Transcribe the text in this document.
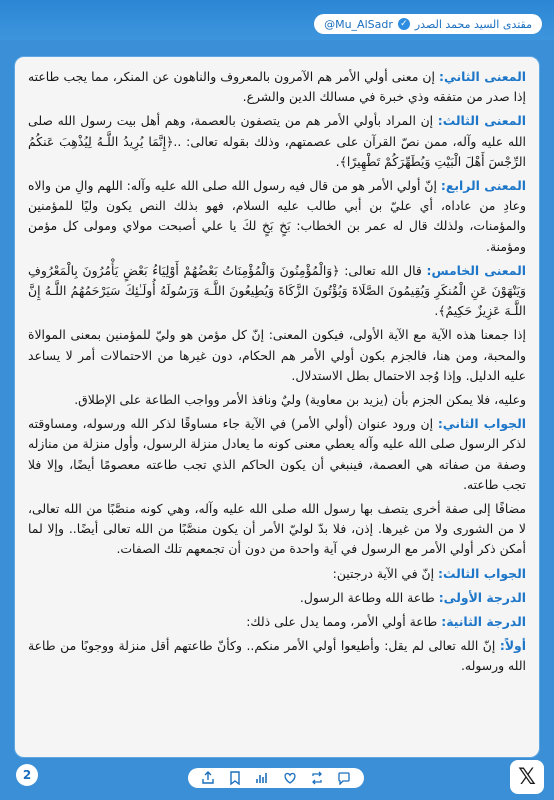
مقتدى السيد محمد الصدر
✓
@Mu_AlSadr

المعنى الثاني: إن معنى أولي الأمر هم الآمرون بالمعروف والناهون عن المنكر، مما يجب طاعته إذا صدر من متفقه وذي خبرة في مسالك الدين والشرع.

المعنى الثالث: إن المراد بأولي الأمر هم من يتصفون بالعصمة، وهم أهل بيت رسول الله صلى الله عليه وآله، ممن نصّ القرآن على عصمتهم، وذلك بقوله تعالى: ..﴿إِنَّمَا يُرِيدُ اللَّـهُ لِيُذْهِبَ عَنكُمُ الرِّجْسَ أَهْلَ الْبَيْتِ وَيُطَهِّرَكُمْ تَطْهِيرًا﴾.

المعنى الرابع: إنّ أولي الأمر هو من قال فيه رسول الله صلى الله عليه وآله: اللهم والِ من والاه وعادِ من عاداه، أي عليّ بن أبي طالب عليه السلام، فهو بذلك النص يكون وليًا للمؤمنين والمؤمنات، ولذلك قال له عمر بن الخطاب: بَخٍ بَخٍ لكَ يا علي أصبحت مولاي ومولى كل مؤمن ومؤمنة.

المعنى الخامس: قال الله تعالى: ﴿وَالْمُؤْمِنُونَ وَالْمُؤْمِنَاتُ بَعْضُهُمْ أَوْلِيَاءُ بَعْضٍ يَأْمُرُونَ بِالْمَعْرُوفِ وَيَنْهَوْنَ عَنِ الْمُنكَرِ وَيُقِيمُونَ الصَّلَاةَ وَيُؤْتُونَ الزَّكَاةَ وَيُطِيعُونَ اللَّـهَ وَرَسُولَهُ أُولَـٰئِكَ سَيَرْحَمُهُمُ اللَّـهُ إِنَّ اللَّـهَ عَزِيزٌ حَكِيمٌ﴾.

إذا جمعنا هذه الآية مع الآية الأولى، فيكون المعنى: إنّ كل مؤمن هو وليّ للمؤمنين بمعنى الموالاة والمحبة، ومن هنا، فالجزم بكون أولي الأمر هم الحكام، دون غيرها من الاحتمالات أمر لا يساعد عليه الدليل. وإذا وُجد الاحتمال بطل الاستدلال.

وعليه، فلا يمكن الجزم بأن (يزيد بن معاوية) وليٌ ونافذ الأمر وواجب الطاعة على الإطلاق.

الجواب الثاني: إن ورود عنوان (أولي الأمر) في الآية جاء مساوقًا لذكر الله ورسوله، ومساوقته لذكر الرسول صلى الله عليه وآله يعطي معنى كونه ما يعادل منزلة الرسول، وأول منزلة من منازله وصفة من صفاته هي العصمة، فينبغي أن يكون الحاكم الذي تجب طاعته معصومًا أيضًا، وإلا فلا تجب طاعته.

مضافًا إلى صفة أخرى يتصف بها رسول الله صلى الله عليه وآله، وهي كونه منصَّبًا من الله تعالى، لا من الشورى ولا من غيرها. إذن، فلا بدّ لوليّ الأمر أن يكون منصَّبًا من الله تعالى أيضًا.. وإلا لما أمكن ذكر أولي الأمر مع الرسول في آية واحدة من دون أن تجمعهم تلك الصفات.

الجواب الثالث: إنّ في الآية درجتين:

الدرجة الأولى: طاعة الله وطاعة الرسول.

الدرجة الثانية: طاعة أولي الأمر، ومما يدل على ذلك:

أولاً: إنّ الله تعالى لم يقل: وأطيعوا أولي الأمر منكم.. وكأنّ طاعتهم أقل منزلة ووجوبًا من طاعة الله ورسوله.

2	𝕏
